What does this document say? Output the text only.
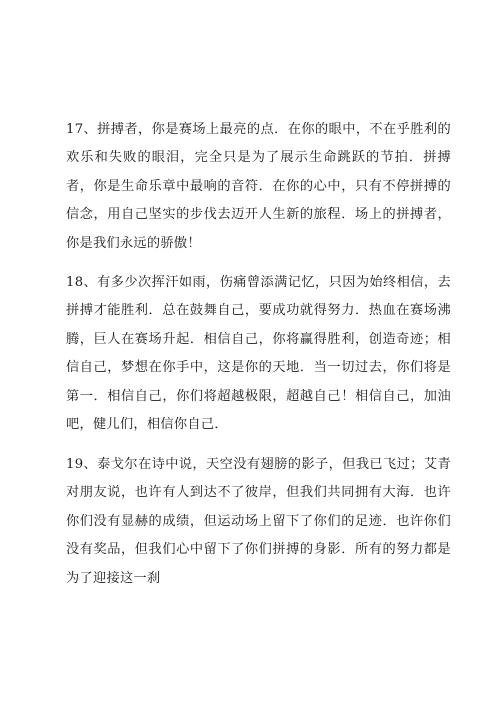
17、拼搏者，你是赛场上最亮的点．在你的眼中，不在乎胜利的欢乐和失败的眼泪，完全只是为了展示生命跳跃的节拍．拼搏者，你是生命乐章中最响的音符．在你的心中，只有不停拼搏的信念，用自己坚实的步伐去迈开人生新的旅程．场上的拼搏者，你是我们永远的骄傲！

18、有多少次挥汗如雨，伤痛曾添满记忆，只因为始终相信，去拼搏才能胜利．总在鼓舞自己，要成功就得努力．热血在赛场沸腾，巨人在赛场升起．相信自己，你将赢得胜利，创造奇迹；相信自己，梦想在你手中，这是你的天地．当一切过去，你们将是第一．相信自己，你们将超越极限，超越自己！相信自己，加油吧，健儿们，相信你自己．

19、泰戈尔在诗中说，天空没有翅膀的影子，但我已飞过；艾青对朋友说，也许有人到达不了彼岸，但我们共同拥有大海．也许你们没有显赫的成绩，但运动场上留下了你们的足迹．也许你们没有奖品，但我们心中留下了你们拼搏的身影．所有的努力都是为了迎接这一刹
